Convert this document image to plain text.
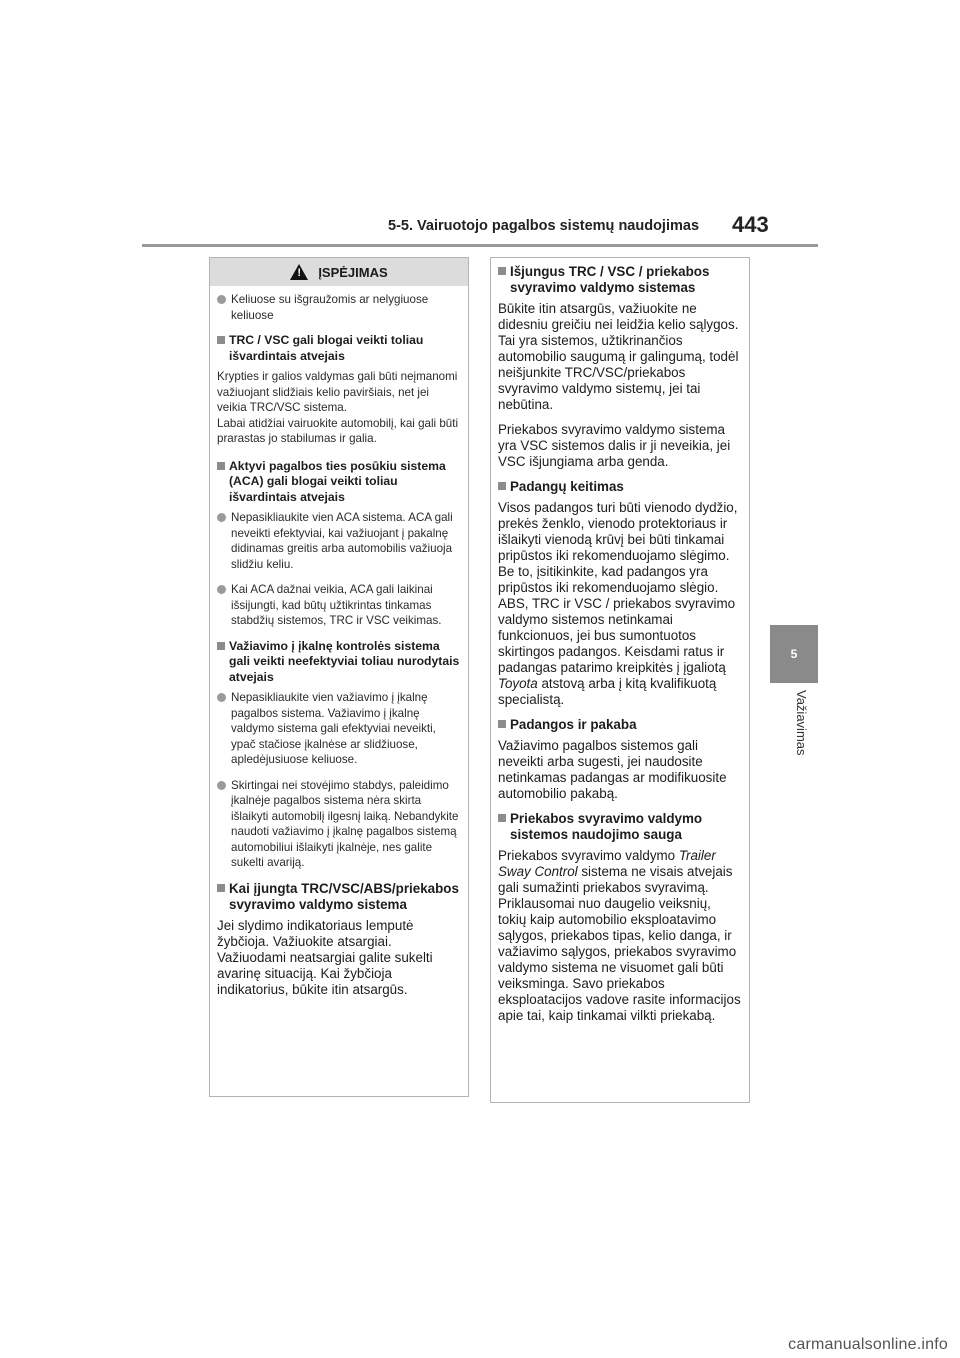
5-5. Vairuotojo pagalbos sistemų naudojimas 443
5
Važiavimas
!
ĮSPĖJIMAS

Keliuose su išgraužomis ar nelygiuose keliuose

TRC / VSC gali blogai veikti toliau išvardintais atvejais

Krypties ir galios valdymas gali būti neįmanomi važiuojant slidžiais kelio paviršiais, net jei veikia TRC/VSC sistema.
Labai atidžiai vairuokite automobilį, kai gali būti prarastas jo stabilumas ir galia.

Aktyvi pagalbos ties posūkiu sistema (ACA) gali blogai veikti toliau išvardintais atvejais

Nepasikliaukite vien ACA sistema. ACA gali neveikti efektyviai, kai važiuojant į pakalnę didinamas greitis arba automobilis važiuoja slidžiu keliu.

Kai ACA dažnai veikia, ACA gali laikinai išsijungti, kad būtų užtikrintas tinkamas stabdžių sistemos, TRC ir VSC veikimas.

Važiavimo į įkalnę kontrolės sistema gali veikti neefektyviai toliau nurodytais atvejais

Nepasikliaukite vien važiavimo į įkalnę pagalbos sistema. Važiavimo į įkalnę valdymo sistema gali efektyviai neveikti, ypač stačiose įkalnėse ar slidžiuose, apledėjusiuose keliuose.

Skirtingai nei stovėjimo stabdys, paleidimo įkalnėje pagalbos sistema nėra skirta išlaikyti automobilį ilgesnį laiką. Nebandykite naudoti važiavimo į įkalnę pagalbos sistemą automobiliui išlaikyti įkalnėje, nes galite sukelti avariją.

Kai įjungta TRC/VSC/ABS/priekabos svyravimo valdymo sistema

Jei slydimo indikatoriaus lemputė žybčioja. Važiuokite atsargiai. Važiuodami neatsargiai galite sukelti avarinę situaciją. Kai žybčioja indikatorius, būkite itin atsargūs.

Išjungus TRC / VSC / priekabos svyravimo valdymo sistemas

Būkite itin atsargūs, važiuokite ne didesniu greičiu nei leidžia kelio sąlygos. Tai yra sistemos, užtikrinančios automobilio saugumą ir galingumą, todėl neišjunkite TRC/VSC/priekabos svyravimo valdymo sistemų, jei tai nebūtina.

Priekabos svyravimo valdymo sistema yra VSC sistemos dalis ir ji neveikia, jei VSC išjungiama arba genda.

Padangų keitimas

Visos padangos turi būti vienodo dydžio, prekės ženklo, vienodo protektoriaus ir išlaikyti vienodą krūvį bei būti tinkamai pripūstos iki rekomenduojamo slėgimo. Be to, įsitikinkite, kad padangos yra pripūstos iki rekomenduojamo slėgio. ABS, TRC ir VSC / priekabos svyravimo valdymo sistemos netinkamai funkcionuos, jei bus sumontuotos skirtingos padangos. Keisdami ratus ir padangas patarimo kreipkitės į įgaliotą Toyota atstovą arba į kitą kvalifikuotą specialistą.

Padangos ir pakaba

Važiavimo pagalbos sistemos gali neveikti arba sugesti, jei naudosite netinkamas padangas ar modifikuosite automobilio pakabą.

Priekabos svyravimo valdymo sistemos naudojimo sauga

Priekabos svyravimo valdymo Trailer Sway Control sistema ne visais atvejais gali sumažinti priekabos svyravimą. Priklausomai nuo daugelio veiksnių, tokių kaip automobilio eksploatavimo sąlygos, priekabos tipas, kelio danga, ir važiavimo sąlygos, priekabos svyravimo valdymo sistema ne visuomet gali būti veiksminga. Savo priekabos eksploatacijos vadove rasite informacijos apie tai, kaip tinkamai vilkti priekabą.

carmanualsonline.info
